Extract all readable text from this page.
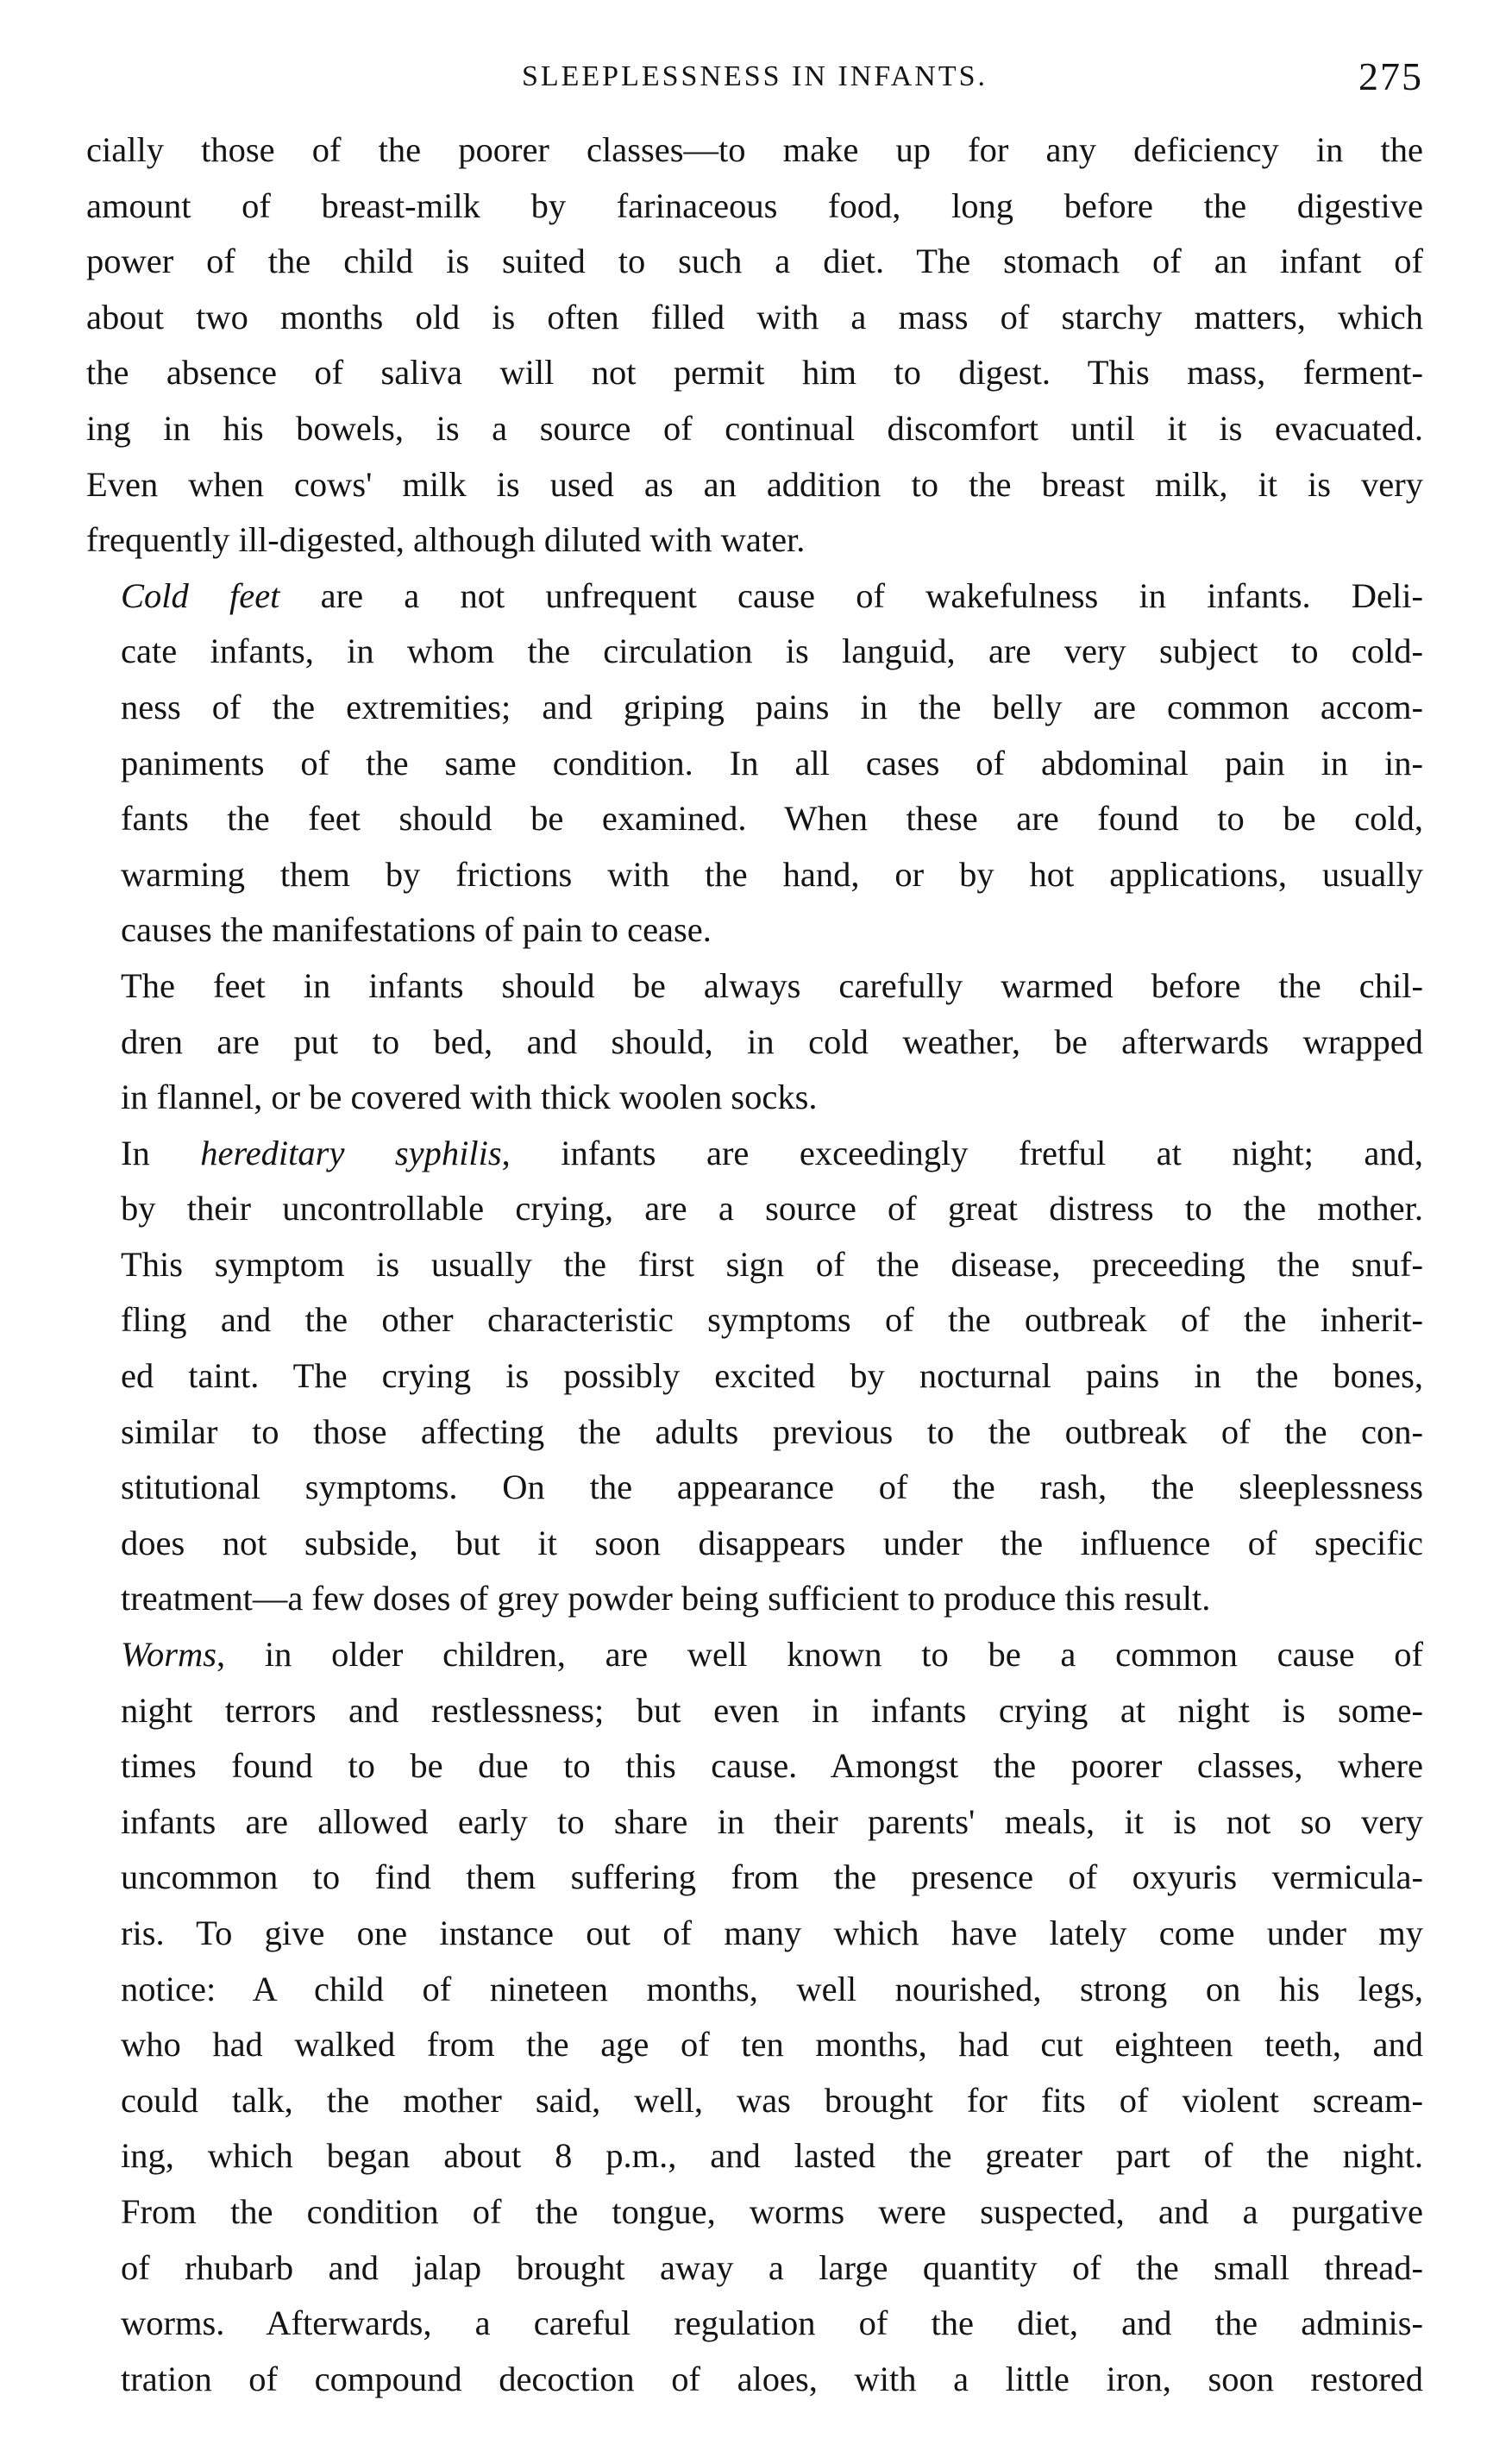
SLEEPLESSNESS IN INFANTS.	275
cially those of the poorer classes—to make up for any deficiency in the
amount of breast-milk by farinaceous food, long before the digestive
power of the child is suited to such a diet. The stomach of an infant of
about two months old is often filled with a mass of starchy matters, which
the absence of saliva will not permit him to digest. This mass, ferment-
ing in his bowels, is a source of continual discomfort until it is evacuated.
Even when cows' milk is used as an addition to the breast milk, it is very
frequently ill-digested, although diluted with water.
Cold feet are a not unfrequent cause of wakefulness in infants. Deli-
cate infants, in whom the circulation is languid, are very subject to cold-
ness of the extremities; and griping pains in the belly are common accom-
paniments of the same condition. In all cases of abdominal pain in in-
fants the feet should be examined. When these are found to be cold,
warming them by frictions with the hand, or by hot applications, usually
causes the manifestations of pain to cease.
The feet in infants should be always carefully warmed before the chil-
dren are put to bed, and should, in cold weather, be afterwards wrapped
in flannel, or be covered with thick woolen socks.
In hereditary syphilis, infants are exceedingly fretful at night; and,
by their uncontrollable crying, are a source of great distress to the mother.
This symptom is usually the first sign of the disease, preceeding the snuf-
fling and the other characteristic symptoms of the outbreak of the inherit-
ed taint. The crying is possibly excited by nocturnal pains in the bones,
similar to those affecting the adults previous to the outbreak of the con-
stitutional symptoms. On the appearance of the rash, the sleeplessness
does not subside, but it soon disappears under the influence of specific
treatment—a few doses of grey powder being sufficient to produce this result.
Worms, in older children, are well known to be a common cause of
night terrors and restlessness; but even in infants crying at night is some-
times found to be due to this cause. Amongst the poorer classes, where
infants are allowed early to share in their parents' meals, it is not so very
uncommon to find them suffering from the presence of oxyuris vermicula-
ris. To give one instance out of many which have lately come under my
notice: A child of nineteen months, well nourished, strong on his legs,
who had walked from the age of ten months, had cut eighteen teeth, and
could talk, the mother said, well, was brought for fits of violent scream-
ing, which began about 8 p.m., and lasted the greater part of the night.
From the condition of the tongue, worms were suspected, and a purgative
of rhubarb and jalap brought away a large quantity of the small thread-
worms. Afterwards, a careful regulation of the diet, and the adminis-
tration of compound decoction of aloes, with a little iron, soon restored
